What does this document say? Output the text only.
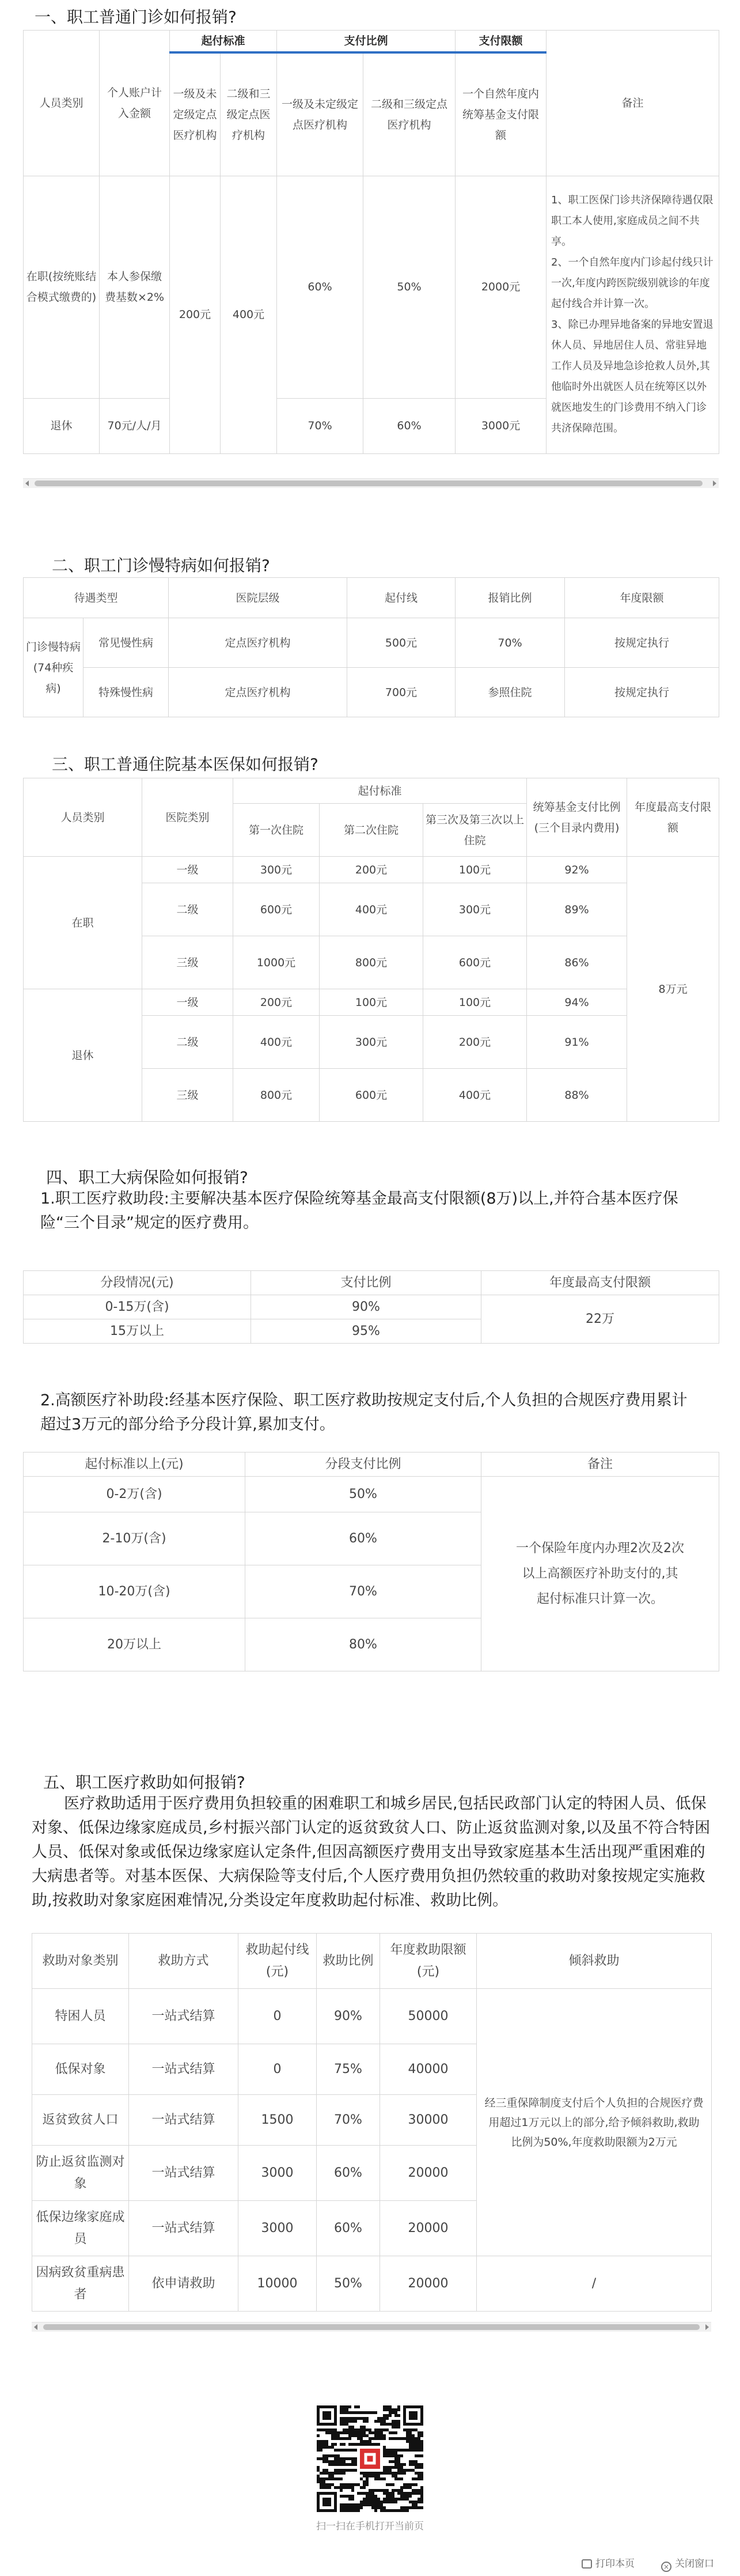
一、职工普通门诊如何报销?
人员类别	个人账户计入金额	起付标准		支付比例		支付限额	备注
		一级及未定级定点医疗机构	二级和三级定点医疗机构	一级及未定级定点医疗机构	二级和三级定点医疗机构	一个自然年度内统筹基金支付限额	
在职(按统账结合模式缴费的)	本人参保缴费基数×2%	200元	400元	60%	50%	2000元	1、职工医保门诊共济保障待遇仅限职工本人使用,家庭成员之间不共享。
2、一个自然年度内门诊起付线只计一次,年度内跨医院级别就诊的年度起付线合并计算一次。
3、除已办理异地备案的异地安置退休人员、异地居住人员、常驻异地工作人员及异地急诊抢救人员外,其他临时外出就医人员在统筹区以外就医地发生的门诊费用不纳入门诊共济保障范围。
退休	70元/人/月			70%	60%	3000元	
二、职工门诊慢特病如何报销?
待遇类型		医院层级	起付线	报销比例	年度限额
门诊慢特病(74种疾病)	常见慢性病	定点医疗机构	500元	70%	按规定执行
	特殊慢性病	定点医疗机构	700元	参照住院	按规定执行
三、职工普通住院基本医保如何报销?
人员类别	医院类别	起付标准			统筹基金支付比例(三个目录内费用)	年度最高支付限额
		第一次住院	第二次住院	第三次及第三次以上住院		
在职	一级	300元	200元	100元	92%	8万元
	二级	600元	400元	300元	89%	
	三级	1000元	800元	600元	86%	
退休	一级	200元	100元	100元	94%	
	二级	400元	300元	200元	91%	
	三级	800元	600元	400元	88%	
四、职工大病保险如何报销?
1.职工医疗救助段:主要解决基本医疗保险统筹基金最高支付限额(8万)以上,并符合基本医疗保险“三个目录”规定的医疗费用。
分段情况(元)	支付比例	年度最高支付限额
0-15万(含)	90%	22万
15万以上	95%	
2.高额医疗补助段:经基本医疗保险、职工医疗救助按规定支付后,个人负担的合规医疗费用累计超过3万元的部分给予分段计算,累加支付。
起付标准以上(元)	分段支付比例	备注
0-2万(含)	50%	一个保险年度内办理2次及2次以上高额医疗补助支付的,其起付标准只计算一次。
2-10万(含)	60%	
10-20万(含)	70%	
20万以上	80%	
五、职工医疗救助如何报销?
医疗救助适用于医疗费用负担较重的困难职工和城乡居民,包括民政部门认定的特困人员、低保对象、低保边缘家庭成员,乡村振兴部门认定的返贫致贫人口、防止返贫监测对象,以及虽不符合特困人员、低保对象或低保边缘家庭认定条件,但因高额医疗费用支出导致家庭基本生活出现严重困难的大病患者等。对基本医保、大病保险等支付后,个人医疗费用负担仍然较重的救助对象按规定实施救助,按救助对象家庭困难情况,分类设定年度救助起付标准、救助比例。
救助对象类别	救助方式	救助起付线(元)	救助比例	年度救助限额(元)	倾斜救助
特困人员	一站式结算	0	90%	50000	经三重保障制度支付后个人负担的合规医疗费用超过1万元以上的部分,给予倾斜救助,救助比例为50%,年度救助限额为2万元
低保对象	一站式结算	0	75%	40000	
返贫致贫人口	一站式结算	1500	70%	30000	
防止返贫监测对象	一站式结算	3000	60%	20000	
低保边缘家庭成员	一站式结算	3000	60%	20000	
因病致贫重病患者	依申请救助	10000	50%	20000	/
扫一扫在手机打开当前页
打印本页	× 关闭窗口
